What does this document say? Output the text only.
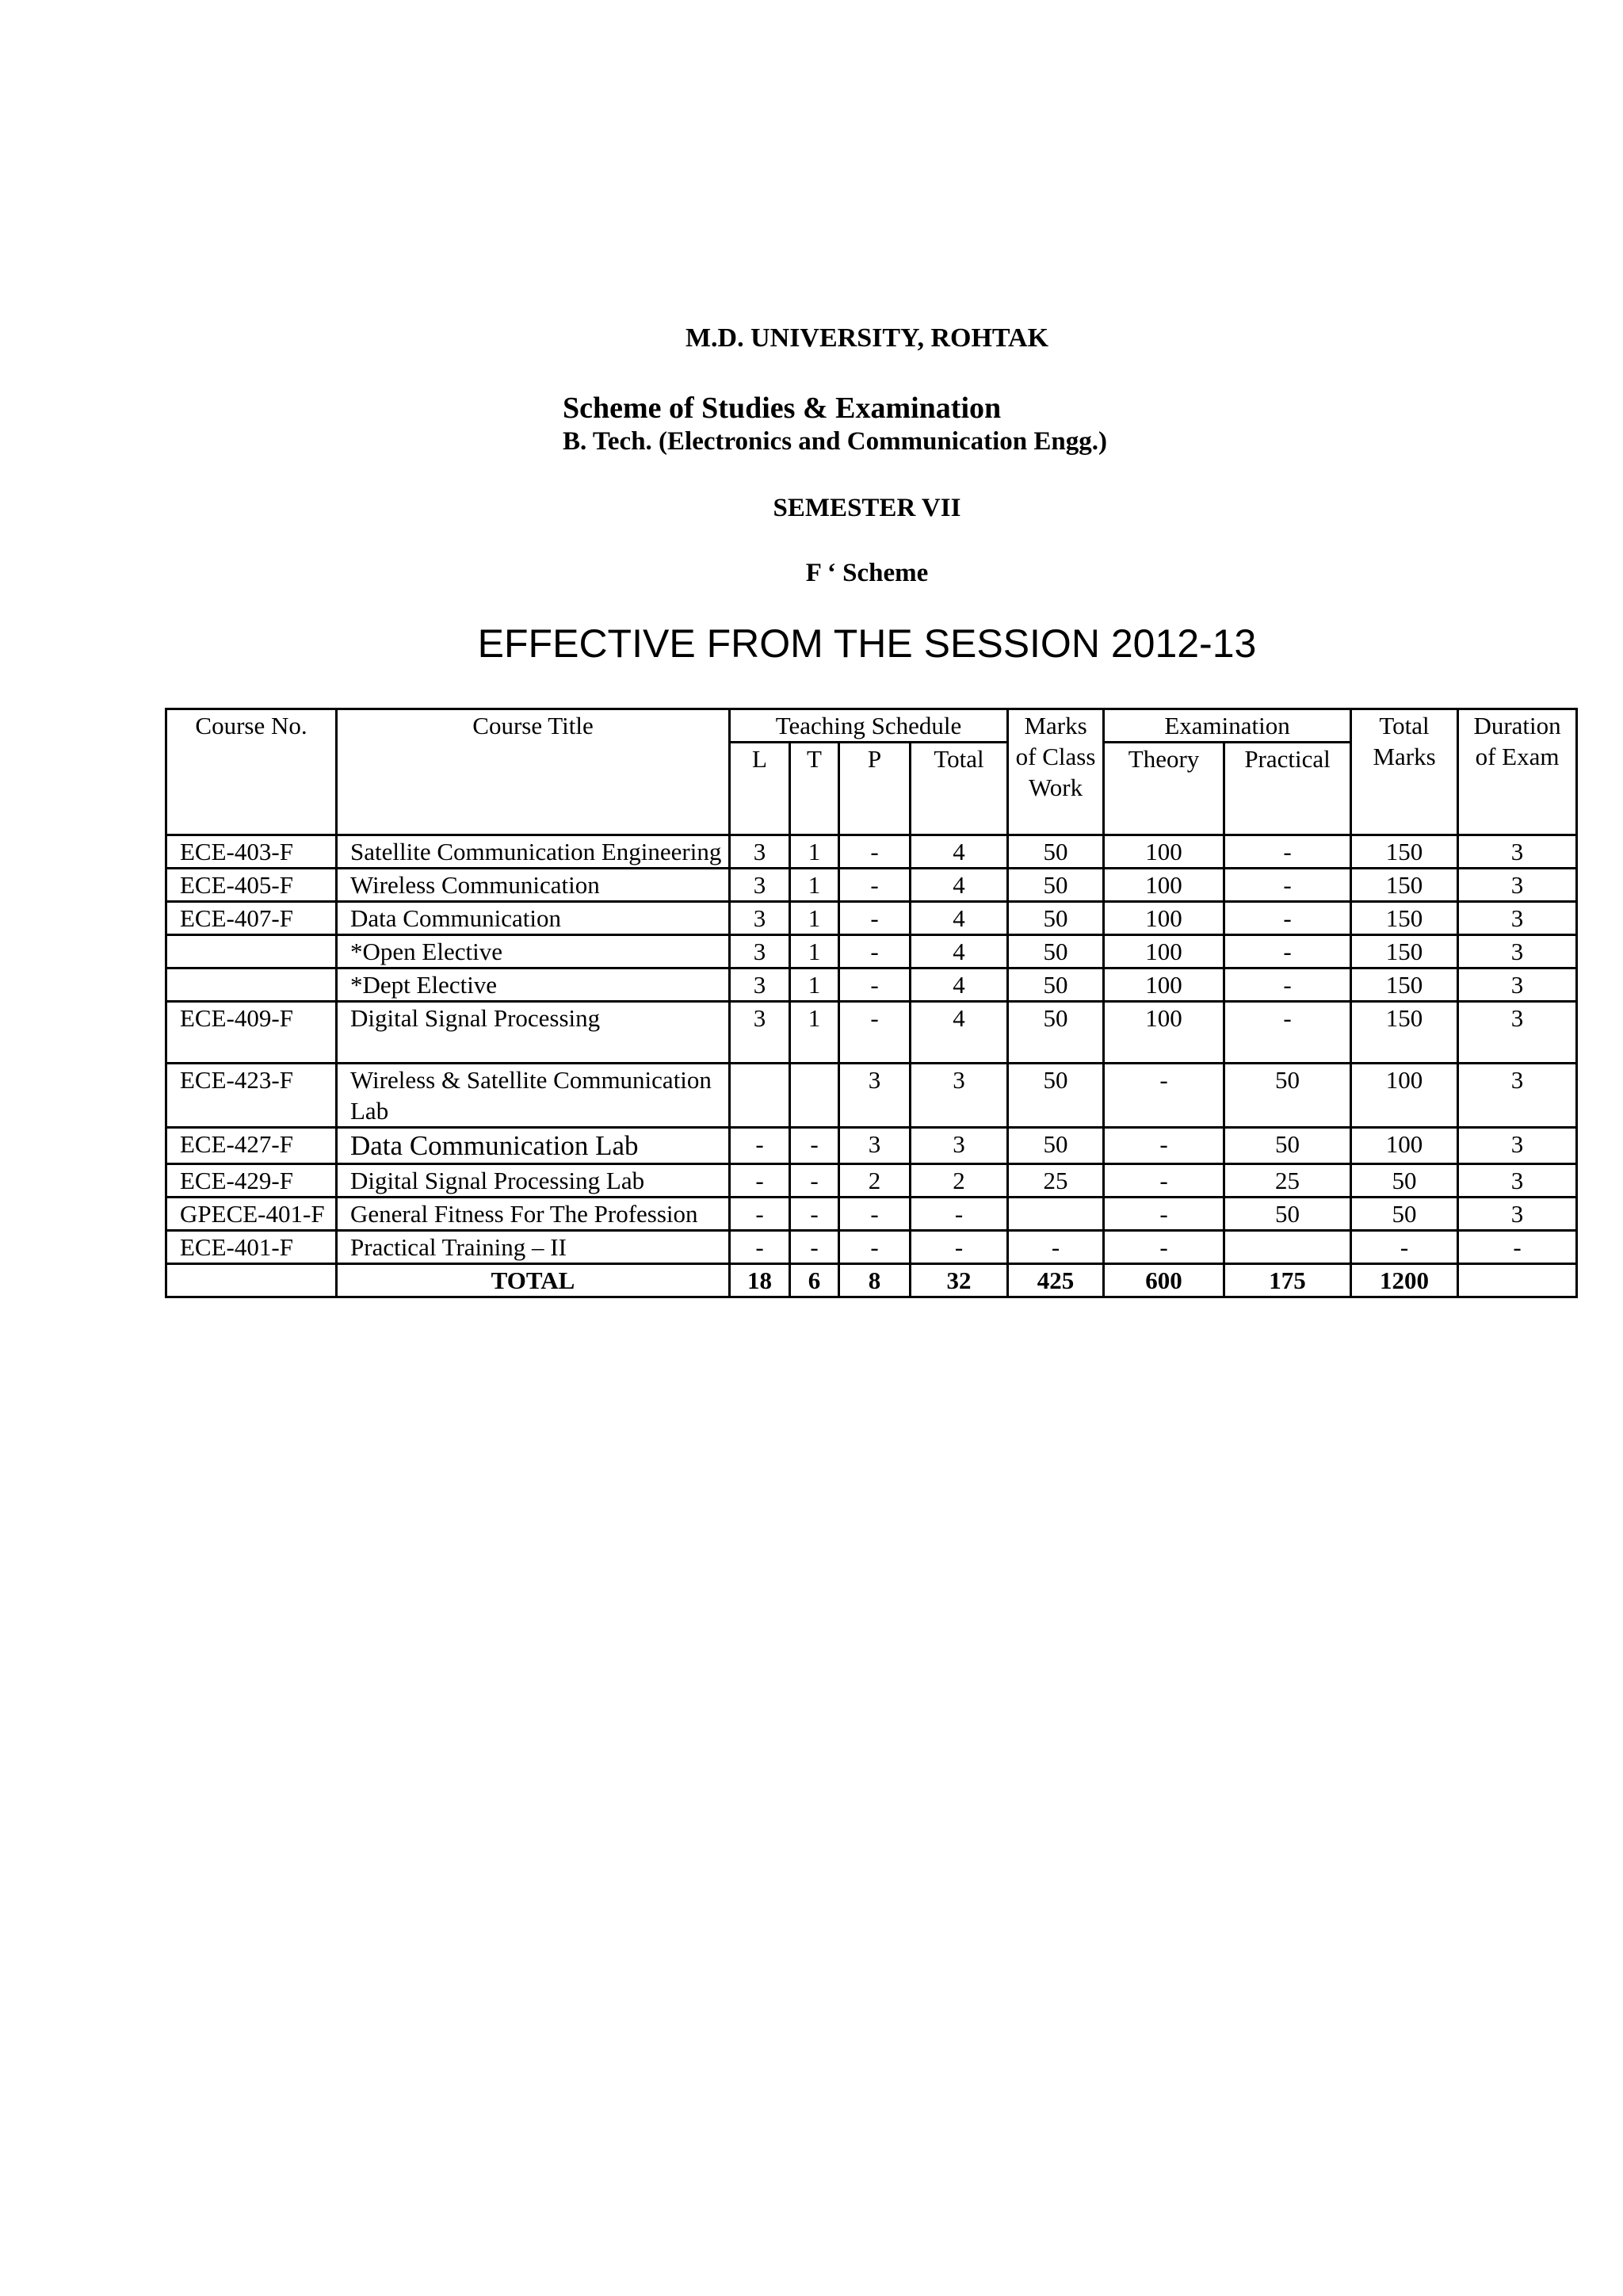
M.D. UNIVERSITY, ROHTAK
Scheme of Studies & Examination
B. Tech. (Electronics and Communication Engg.)
SEMESTER VII
F ‘ Scheme
EFFECTIVE FROM THE SESSION 2012-13
Course No.	Course Title	Teaching Schedule				Marks of Class Work	Examination		Total Marks	Duration of Exam
		L	T	P	Total		Theory	Practical		
ECE-403-F	Satellite Communication Engineering	3	1	-	4	50	100	-	150	3
ECE-405-F	Wireless Communication	3	1	-	4	50	100	-	150	3
ECE-407-F	Data Communication	3	1	-	4	50	100	-	150	3
	*Open Elective	3	1	-	4	50	100	-	150	3
	*Dept Elective	3	1	-	4	50	100	-	150	3
ECE-409-F	Digital Signal Processing	3	1	-	4	50	100	-	150	3
ECE-423-F	Wireless & Satellite Communication Lab			3	3	50	-	50	100	3
ECE-427-F	Data Communication Lab	-	-	3	3	50	-	50	100	3
ECE-429-F	Digital Signal Processing Lab	-	-	2	2	25	-	25	50	3
GPECE-401-F	General Fitness For The Profession	-	-	-	-		-	50	50	3
ECE-401-F	Practical Training – II	-	-	-	-	-	-		-	-
	TOTAL	18	6	8	32	425	600	175	1200	
